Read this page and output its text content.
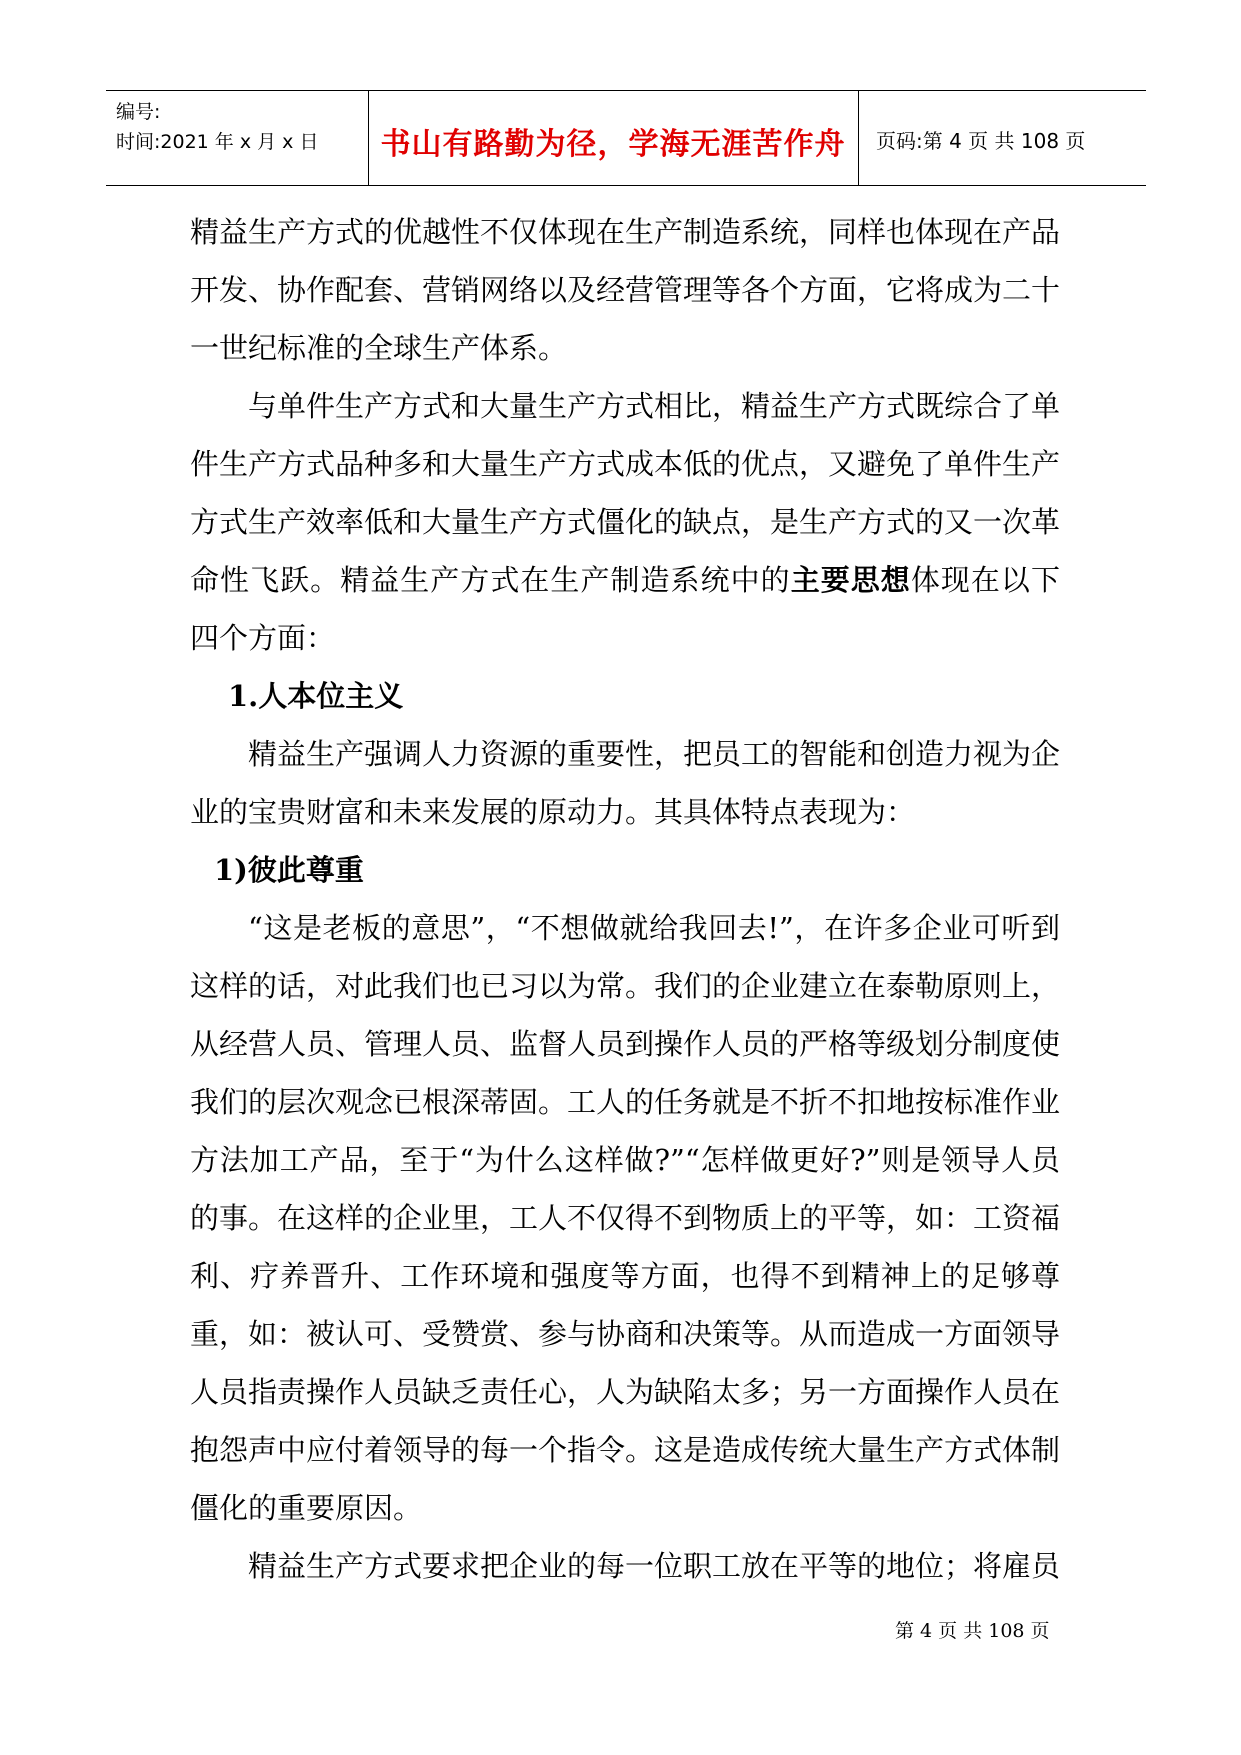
编号:
时间:2021 年 x 月 x 日	书山有路勤为径，学海无涯苦作舟	页码:第 4 页 共 108 页

精益生产方式的优越性不仅体现在生产制造系统，同样也体现在产品开发、协作配套、营销网络以及经营管理等各个方面，它将成为二十一世纪标准的全球生产体系。

与单件生产方式和大量生产方式相比，精益生产方式既综合了单件生产方式品种多和大量生产方式成本低的优点，又避免了单件生产方式生产效率低和大量生产方式僵化的缺点，是生产方式的又一次革命性飞跃。精益生产方式在生产制造系统中的主要思想体现在以下四个方面：

1.人本位主义

精益生产强调人力资源的重要性，把员工的智能和创造力视为企业的宝贵财富和未来发展的原动力。其具体特点表现为：

1)彼此尊重

“这是老板的意思”，“不想做就给我回去!”，在许多企业可听到这样的话，对此我们也已习以为常。我们的企业建立在泰勒原则上，从经营人员、管理人员、监督人员到操作人员的严格等级划分制度使我们的层次观念已根深蒂固。工人的任务就是不折不扣地按标准作业方法加工产品，至于“为什么这样做?”“怎样做更好?”则是领导人员的事。在这样的企业里，工人不仅得不到物质上的平等，如：工资福利、疗养晋升、工作环境和强度等方面，也得不到精神上的足够尊重，如：被认可、受赞赏、参与协商和决策等。从而造成一方面领导人员指责操作人员缺乏责任心，人为缺陷太多；另一方面操作人员在抱怨声中应付着领导的每一个指令。这是造成传统大量生产方式体制僵化的重要原因。

精益生产方式要求把企业的每一位职工放在平等的地位；将雇员

第 4 页 共 108 页
